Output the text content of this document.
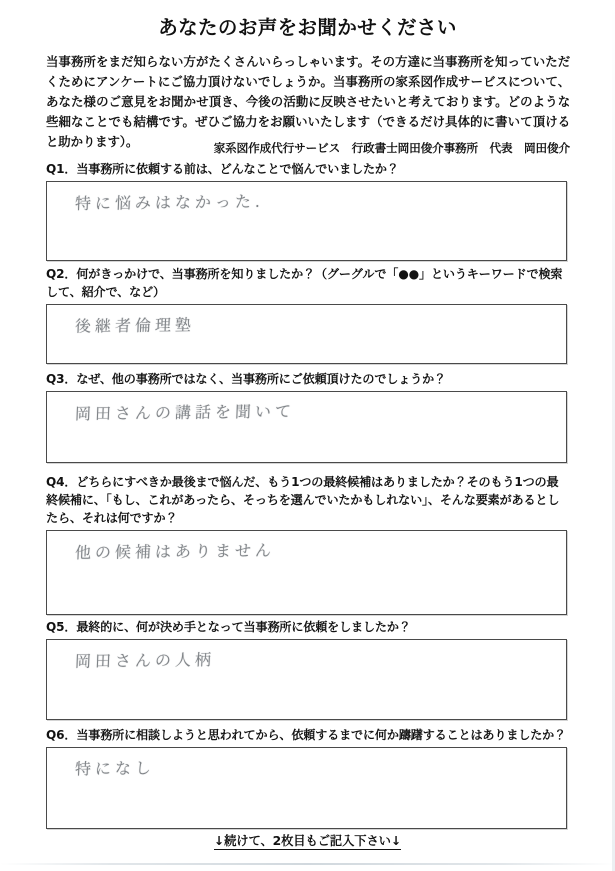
あなたのお声をお聞かせください
当事務所をまだ知らない方がたくさんいらっしゃいます。その方達に当事務所を知っていただくためにアンケートにご協力頂けないでしょうか。当事務所の家系図作成サービスについて、あなた様のご意見をお聞かせ頂き、今後の活動に反映させたいと考えております。どのような些細なことでも結構です。ぜひご協力をお願いいたします（できるだけ具体的に書いて頂けると助かります）。	家系図作成代行サービス　行政書士岡田俊介事務所　代表　岡田俊介

Q1．当事務所に依頼する前は、どんなことで悩んでいましたか？

特に悩みはなかった.

Q2．何がきっかけで、当事務所を知りましたか？（グーグルで「●●」というキーワードで検索して、紹介で、など）

後継者倫理塾

Q3．なぜ、他の事務所ではなく、当事務所にご依頼頂けたのでしょうか？

岡田さんの講話を聞いて

Q4．どちらにすべきか最後まで悩んだ、もう1つの最終候補はありましたか？そのもう1つの最終候補に、「もし、これがあったら、そっちを選んでいたかもしれない」、そんな要素があるとしたら、それは何ですか？

他の候補はありません

Q5．最終的に、何が決め手となって当事務所に依頼をしましたか？

岡田さんの人柄

Q6．当事務所に相談しようと思われてから、依頼するまでに何か躊躇することはありましたか？

特になし
↓続けて、2枚目もご記入下さい↓
